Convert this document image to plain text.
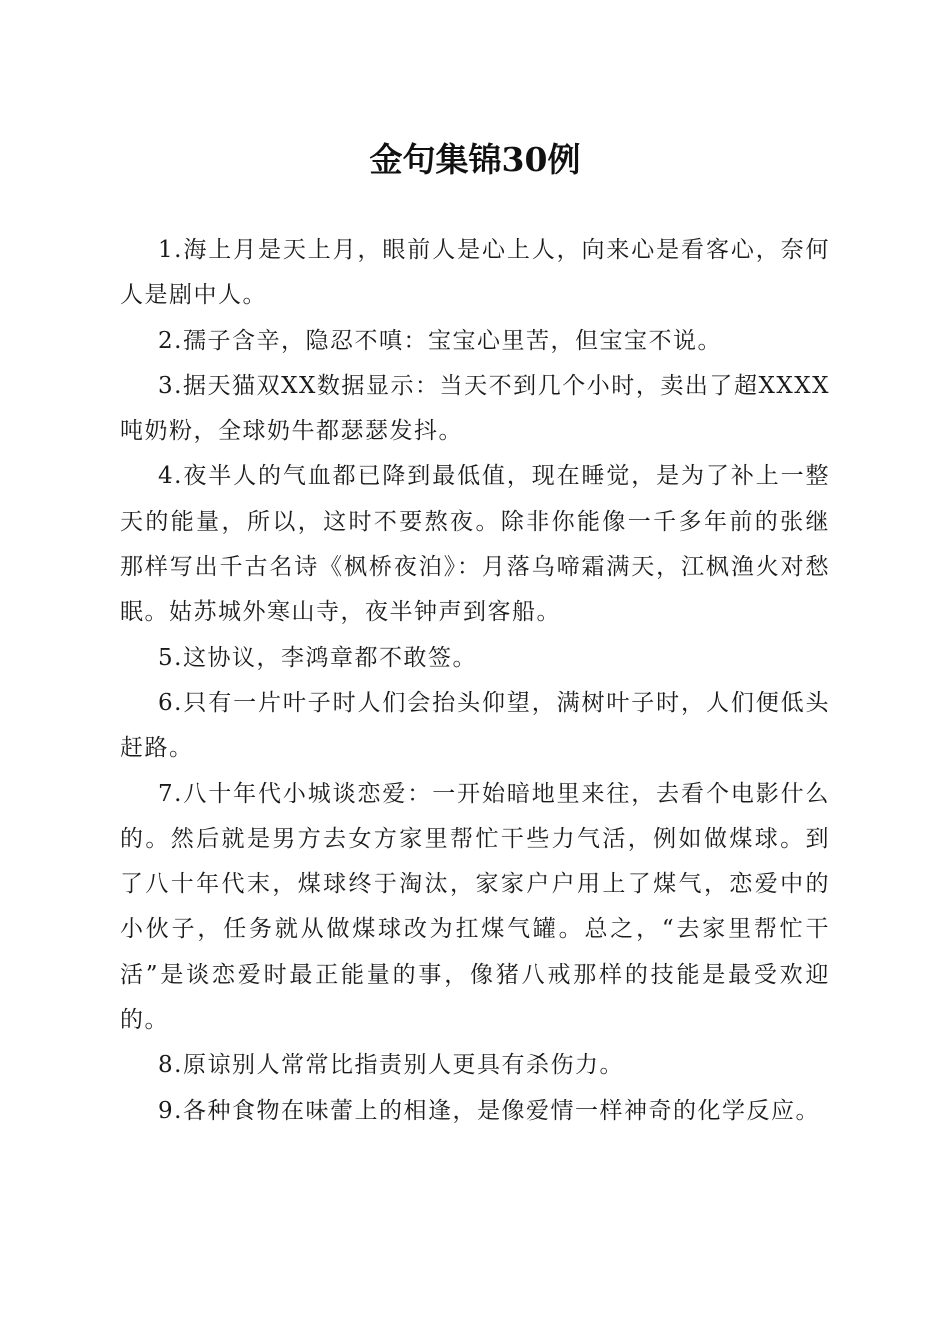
金句集锦30例

1.海上月是天上月，眼前人是心上人，向来心是看客心，奈何人是剧中人。

2.孺子含辛，隐忍不嗔：宝宝心里苦，但宝宝不说。

3.据天猫双XX数据显示：当天不到几个小时，卖出了超XXXX吨奶粉，全球奶牛都瑟瑟发抖。

4.夜半人的气血都已降到最低值，现在睡觉，是为了补上一整天的能量，所以，这时不要熬夜。除非你能像一千多年前的张继那样写出千古名诗《枫桥夜泊》：月落乌啼霜满天，江枫渔火对愁眠。姑苏城外寒山寺，夜半钟声到客船。

5.这协议，李鸿章都不敢签。

6.只有一片叶子时人们会抬头仰望，满树叶子时，人们便低头赶路。

7.八十年代小城谈恋爱：一开始暗地里来往，去看个电影什么的。然后就是男方去女方家里帮忙干些力气活，例如做煤球。到了八十年代末，煤球终于淘汰，家家户户用上了煤气，恋爱中的小伙子，任务就从做煤球改为扛煤气罐。总之，“去家里帮忙干活”是谈恋爱时最正能量的事，像猪八戒那样的技能是最受欢迎的。

8.原谅别人常常比指责别人更具有杀伤力。

9.各种食物在味蕾上的相逢，是像爱情一样神奇的化学反应。
